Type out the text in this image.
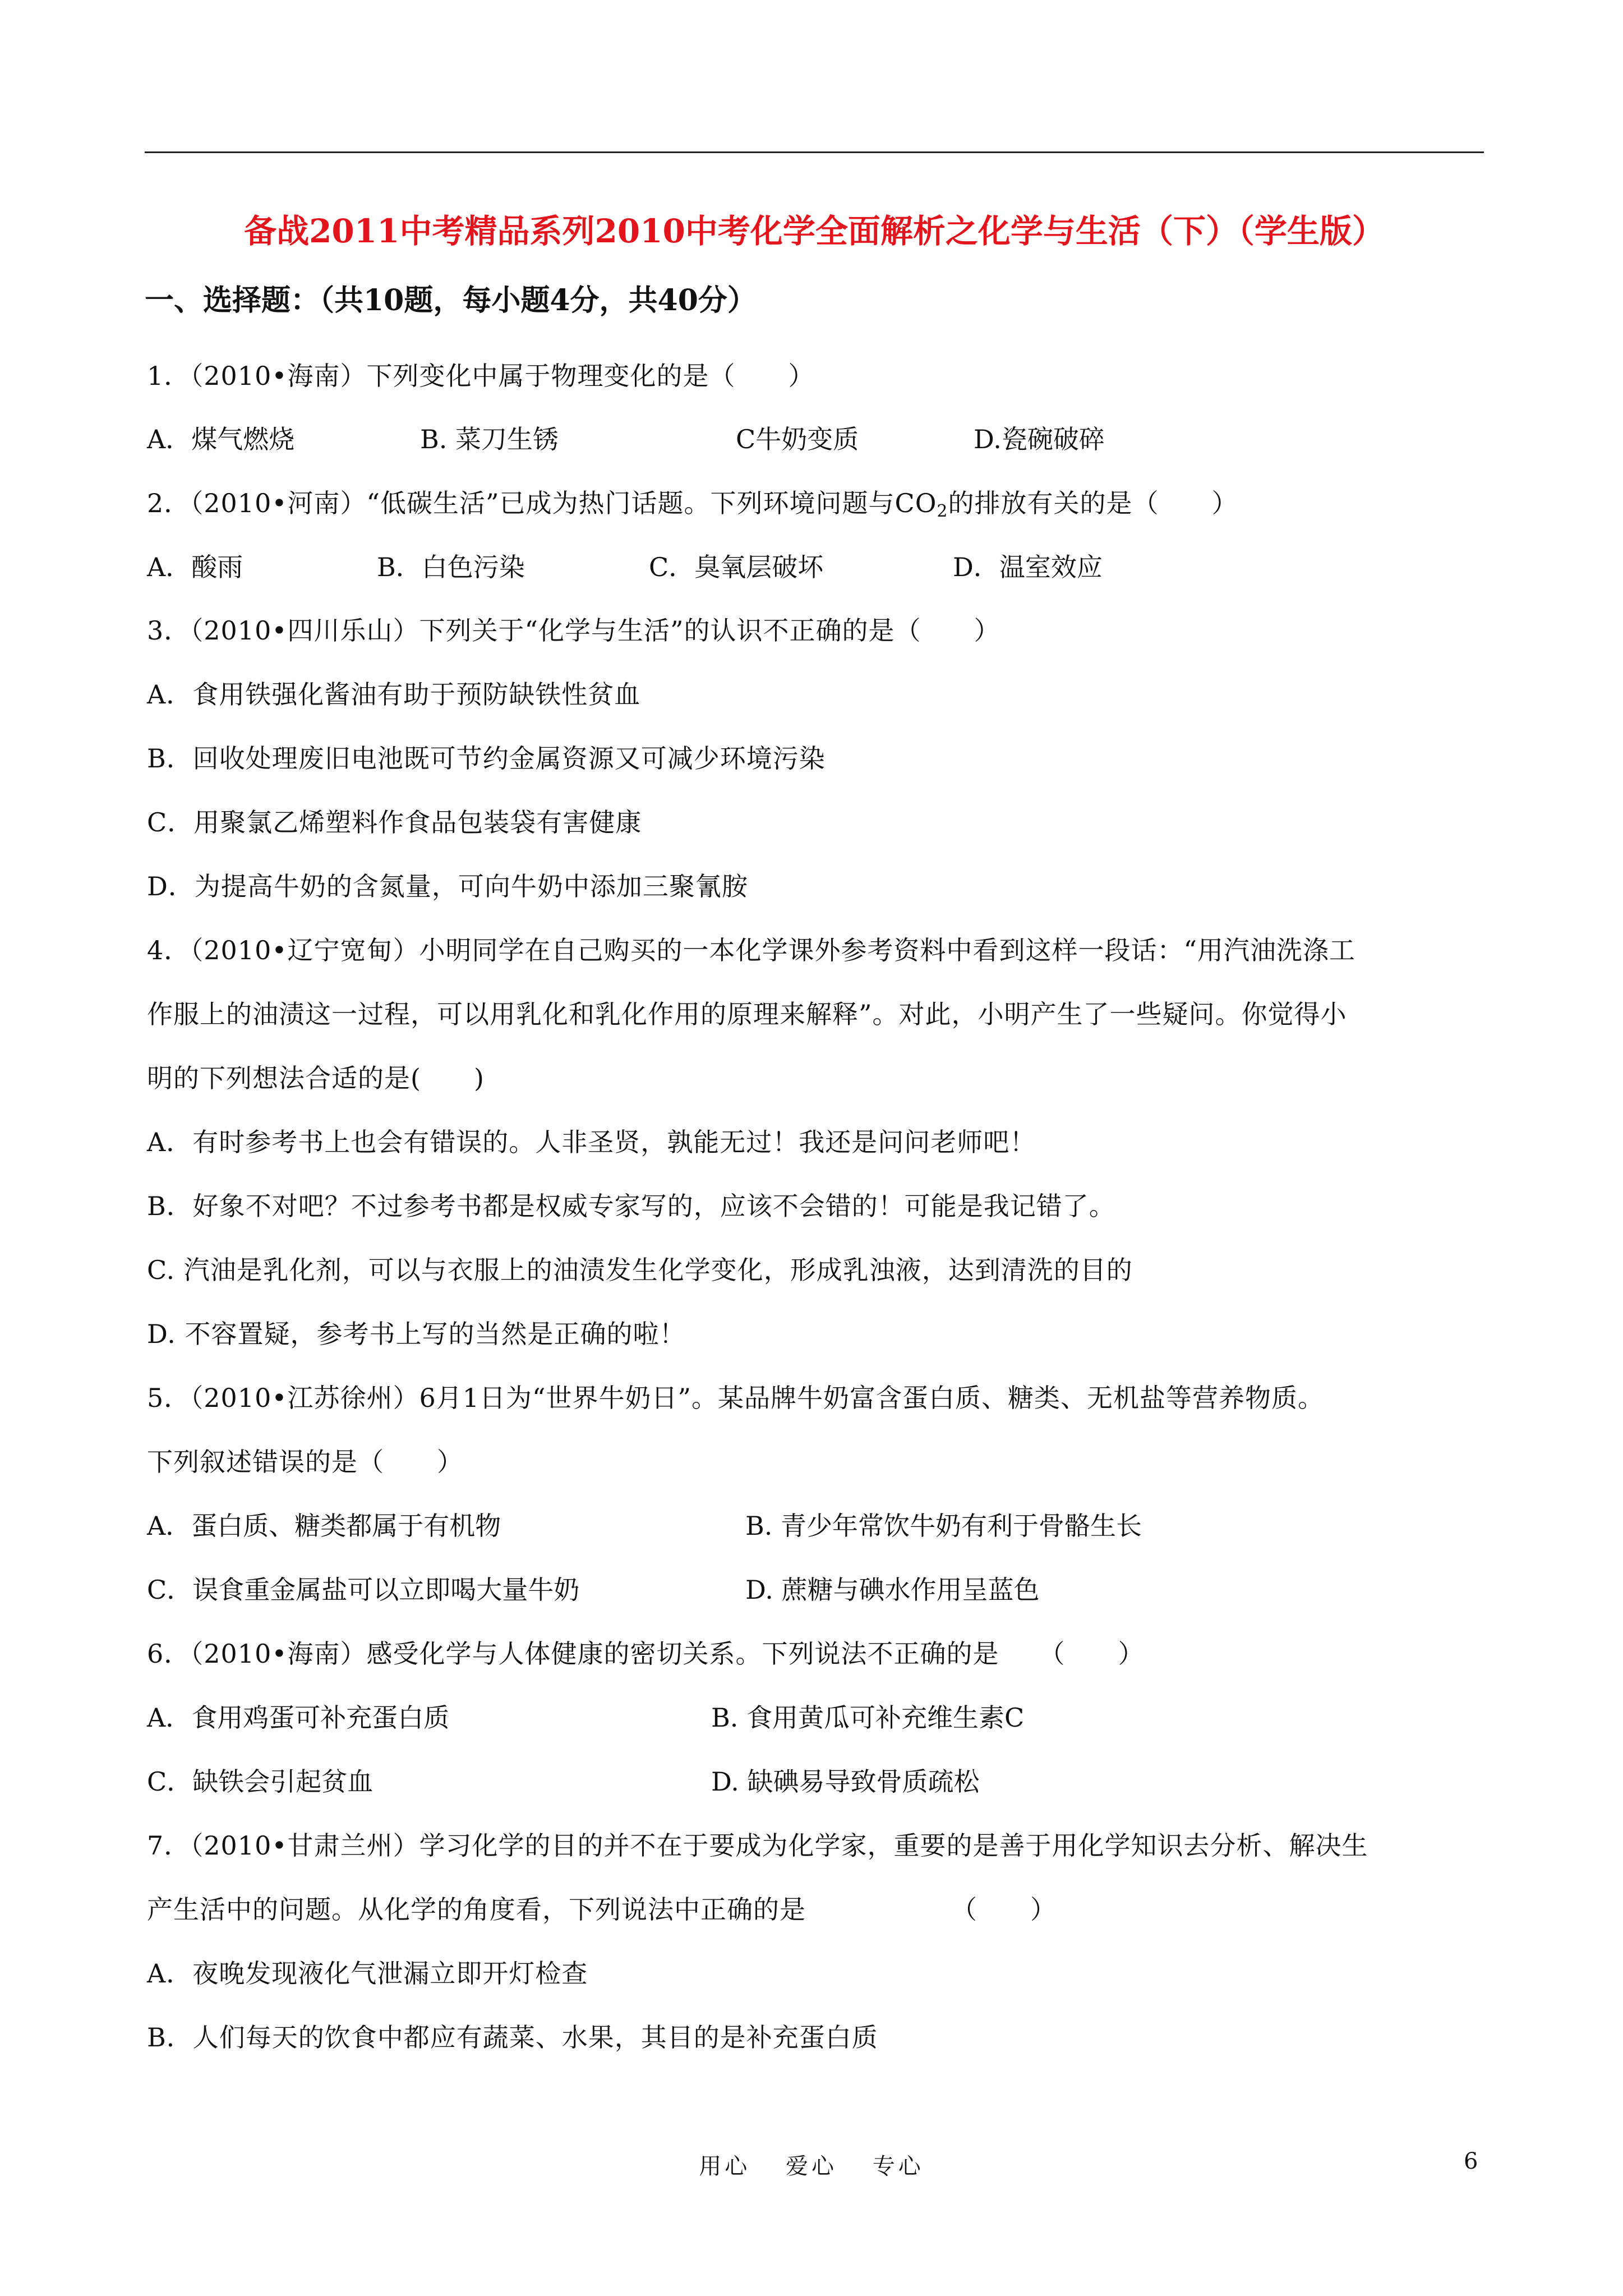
备战2011中考精品系列2010中考化学全面解析之化学与生活（下）（学生版）
一、选择题：（共10题，每小题4分，共40分）
1．（2010•海南）下列变化中属于物理变化的是（　　）
A．煤气燃烧	B. 菜刀生锈	C牛奶变质	D.瓷碗破碎
2．（2010•河南）“低碳生活”已成为热门话题。下列环境问题与$CO_2$的排放有关的是（　　）
A．酸雨	B．白色污染	C．臭氧层破坏	D．温室效应
3．（2010•四川乐山）下列关于“化学与生活”的认识不正确的是（　　）
A．食用铁强化酱油有助于预防缺铁性贫血
B．回收处理废旧电池既可节约金属资源又可减少环境污染
C．用聚氯乙烯塑料作食品包装袋有害健康
D．为提高牛奶的含氮量，可向牛奶中添加三聚氰胺
4．（2010•辽宁宽甸）小明同学在自己购买的一本化学课外参考资料中看到这样一段话：“用汽油洗涤工
作服上的油渍这一过程，可以用乳化和乳化作用的原理来解释”。对此，小明产生了一些疑问。你觉得小
明的下列想法合适的是(　　)
A．有时参考书上也会有错误的。人非圣贤，孰能无过！我还是问问老师吧！
B．好象不对吧？不过参考书都是权威专家写的，应该不会错的！可能是我记错了。
C. 汽油是乳化剂，可以与衣服上的油渍发生化学变化，形成乳浊液，达到清洗的目的
D. 不容置疑，参考书上写的当然是正确的啦！
5．（2010•江苏徐州）6月1日为“世界牛奶日”。某品牌牛奶富含蛋白质、糖类、无机盐等营养物质。
下列叙述错误的是（　　）
A．蛋白质、糖类都属于有机物	B. 青少年常饮牛奶有利于骨骼生长
C．误食重金属盐可以立即喝大量牛奶	D. 蔗糖与碘水作用呈蓝色
6．（2010•海南）感受化学与人体健康的密切关系。下列说法不正确的是　　（　　）
A．食用鸡蛋可补充蛋白质	B. 食用黄瓜可补充维生素C
C．缺铁会引起贫血	D. 缺碘易导致骨质疏松
7．（2010•甘肃兰州）学习化学的目的并不在于要成为化学家，重要的是善于用化学知识去分析、解决生
产生活中的问题。从化学的角度看，下列说法中正确的是　　　　　　（　　）
A．夜晚发现液化气泄漏立即开灯检查
B．人们每天的饮食中都应有蔬菜、水果，其目的是补充蛋白质
用心 爱心 专心	6
